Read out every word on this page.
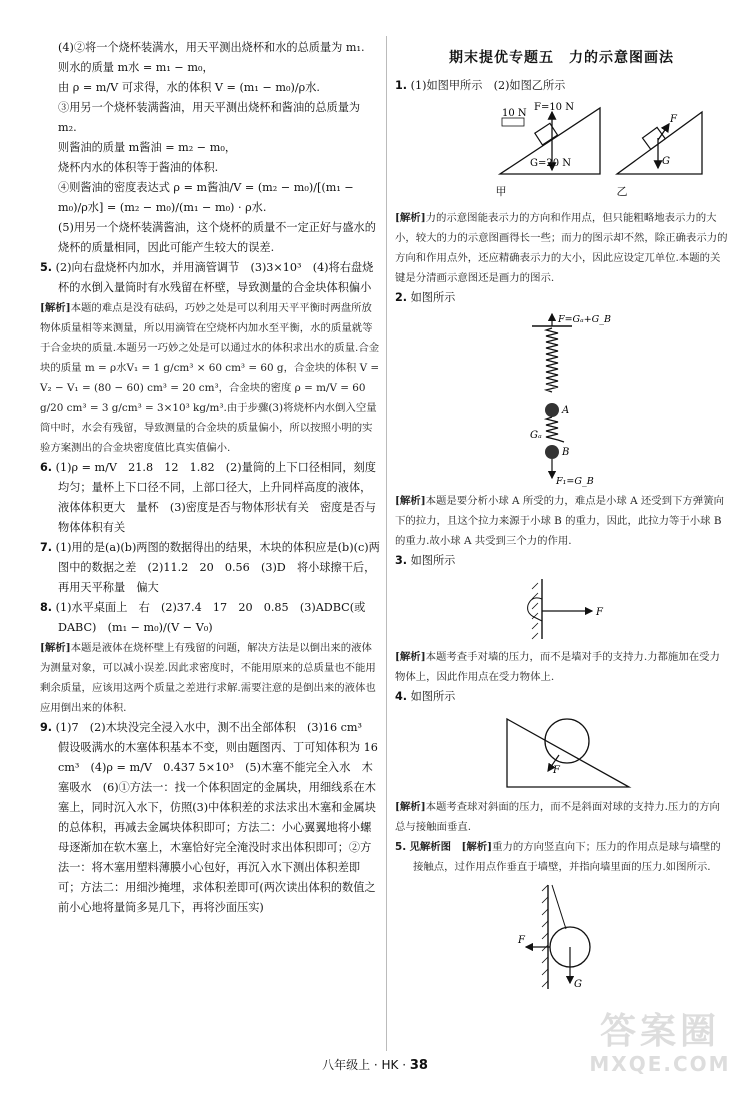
(4)②将一个烧杯装满水，用天平测出烧杯和水的总质量为 m₁.

则水的质量 m水 = m₁ − m₀，

由 ρ = m/V 可求得，水的体积 V = (m₁ − m₀)/ρ水.

③用另一个烧杯装满酱油，用天平测出烧杯和酱油的总质量为 m₂.

则酱油的质量 m酱油 = m₂ − m₀，

烧杯内水的体积等于酱油的体积.

④则酱油的密度表达式 ρ = m酱油/V = (m₂ − m₀)/[(m₁ − m₀)/ρ水] = (m₂ − m₀)/(m₁ − m₀) · ρ水.

(5)用另一个烧杯装满酱油，这个烧杯的质量不一定正好与盛水的烧杯的质量相同，因此可能产生较大的误差.

5. (2)向右盘烧杯内加水，并用滴管调节　(3)3×10³　(4)将右盘烧杯的水倒入量筒时有水残留在杯壁，导致测量的合金块体积偏小

[解析]本题的难点是没有砝码，巧妙之处是可以利用天平平衡时两盘所放物体质量相等来测量，所以用滴管在空烧杯内加水至平衡，水的质量就等于合金块的质量.本题另一巧妙之处是可以通过水的体积求出水的质量.合金块的质量 m = ρ水V₁ = 1 g/cm³ × 60 cm³ = 60 g，合金块的体积 V = V₂ − V₁ = (80 − 60) cm³ = 20 cm³，合金块的密度 ρ = m/V = 60 g/20 cm³ = 3 g/cm³ = 3×10³ kg/m³.由于步骤(3)将烧杯内水倒入空量筒中时，水会有残留，导致测量的合金块的质量偏小，所以按照小明的实验方案测出的合金块密度值比真实值偏小.

6. (1)ρ = m/V　21.8　12　1.82　(2)量筒的上下口径相同，刻度均匀；量杯上下口径不同，上部口径大，上升同样高度的液体，液体体积更大　量杯　(3)密度是否与物体形状有关　密度是否与物体体积有关

7. (1)用的是(a)(b)两图的数据得出的结果，木块的体积应是(b)(c)两图中的数据之差　(2)11.2　20　0.56　(3)D　将小球擦干后，再用天平称量　偏大

8. (1)水平桌面上　右　(2)37.4　17　20　0.85　(3)ADBC(或DABC)　(m₁ − m₀)/(V − V₀)

[解析]本题是液体在烧杯壁上有残留的问题，解决方法是以倒出来的液体为测量对象，可以减小误差.因此求密度时，不能用原来的总质量也不能用剩余质量，应该用这两个质量之差进行求解.需要注意的是倒出来的液体也应用倒出来的体积.

9. (1)7　(2)木块没完全浸入水中，测不出全部体积　(3)16 cm³　假设吸满水的木塞体积基本不变，则由题图丙、丁可知体积为 16 cm³　(4)ρ = m/V　0.437 5×10³　(5)木塞不能完全入水　木塞吸水　(6)①方法一：找一个体积固定的金属块，用细线系在木塞上，同时沉入水下，仿照(3)中体积差的求法求出木塞和金属块的总体积，再减去金属块体积即可；方法二：小心翼翼地将小螺母逐渐加在软木塞上，木塞恰好完全淹没时求出体积即可；②方法一：将木塞用塑料薄膜小心包好，再沉入水下测出体积差即可；方法二：用细沙掩埋，求体积差即可(两次读出体积的数值之前小心地将量筒多晃几下，再将沙面压实)

期末提优专题五　力的示意图画法

1. (1)如图甲所示　(2)如图乙所示

F=10 N
10 N
G=20 N
F
G
甲	乙

[解析]力的示意图能表示力的方向和作用点，但只能粗略地表示力的大小，较大的力的示意图画得长一些；而力的图示却不然，除正确表示力的方向和作用点外，还应精确表示力的大小，因此应设定兀单位.本题的关键是分清画示意图还是画力的图示.

2. 如图所示

F=Gₐ+G_B
A
Gₐ
B
F₁=G_B

[解析]本题是要分析小球 A 所受的力，难点是小球 A 还受到下方弹簧向下的拉力，且这个拉力来源于小球 B 的重力，因此，此拉力等于小球 B 的重力.故小球 A 共受到三个力的作用.

3. 如图所示

F

[解析]本题考查手对墙的压力，而不是墙对手的支持力.力都施加在受力物体上，因此作用点在受力物体上.

4. 如图所示

F

[解析]本题考查球对斜面的压力，而不是斜面对球的支持力.压力的方向总与接触面垂直.

5. 见解析图　[解析]重力的方向竖直向下；压力的作用点是球与墙壁的接触点，过作用点作垂直于墙壁，并指向墙里面的压力.如图所示.

F
G
八年级上 · HK · 38
答案圈
MXQE.COM
